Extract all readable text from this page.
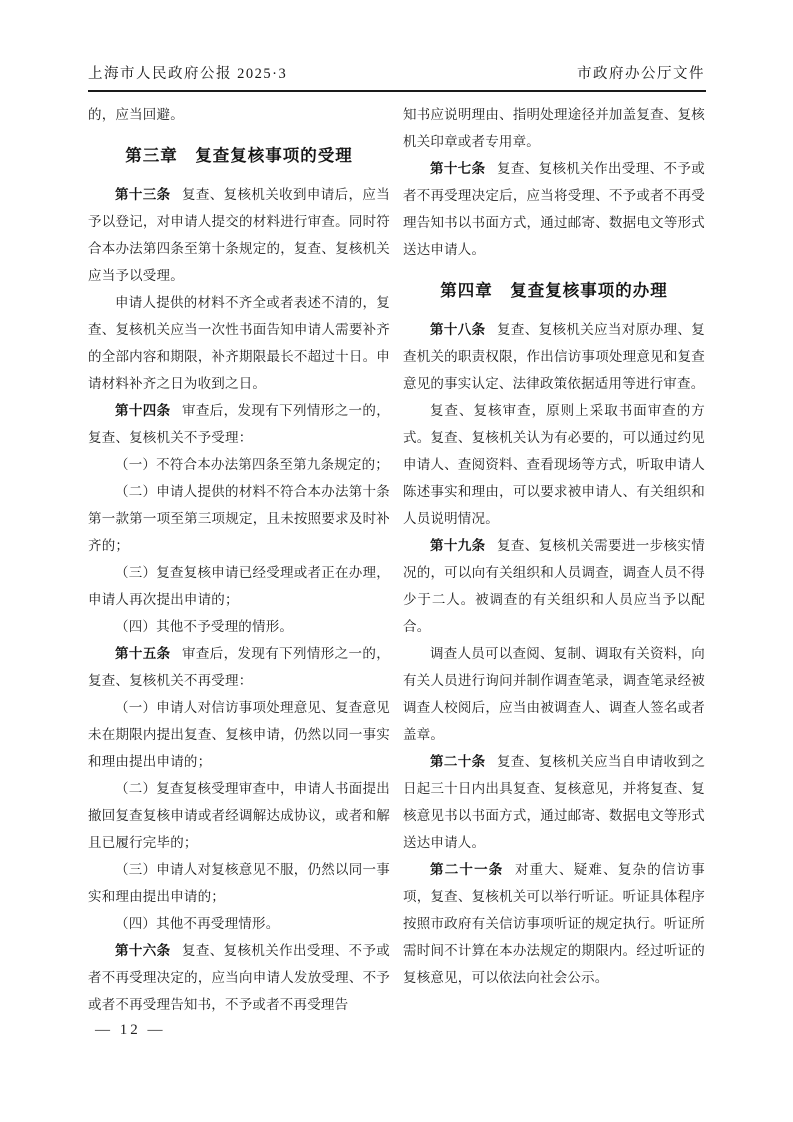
上海市人民政府公报 2025·3	市政府办公厅文件

的，应当回避。

第三章　复查复核事项的受理

第十三条 复查、复核机关收到申请后，应当予以登记，对申请人提交的材料进行审查。同时符合本办法第四条至第十条规定的，复查、复核机关应当予以受理。

申请人提供的材料不齐全或者表述不清的，复查、复核机关应当一次性书面告知申请人需要补齐的全部内容和期限，补齐期限最长不超过十日。申请材料补齐之日为收到之日。

第十四条 审查后，发现有下列情形之一的，复查、复核机关不予受理：

（一）不符合本办法第四条至第九条规定的；

（二）申请人提供的材料不符合本办法第十条第一款第一项至第三项规定，且未按照要求及时补齐的；

（三）复查复核申请已经受理或者正在办理，申请人再次提出申请的；

（四）其他不予受理的情形。

第十五条 审查后，发现有下列情形之一的，复查、复核机关不再受理：

（一）申请人对信访事项处理意见、复查意见未在期限内提出复查、复核申请，仍然以同一事实和理由提出申请的；

（二）复查复核受理审查中，申请人书面提出撤回复查复核申请或者经调解达成协议，或者和解且已履行完毕的；

（三）申请人对复核意见不服，仍然以同一事实和理由提出申请的；

（四）其他不再受理情形。

第十六条 复查、复核机关作出受理、不予或者不再受理决定的，应当向申请人发放受理、不予或者不再受理告知书，不予或者不再受理告

知书应说明理由、指明处理途径并加盖复查、复核机关印章或者专用章。

第十七条 复查、复核机关作出受理、不予或者不再受理决定后，应当将受理、不予或者不再受理告知书以书面方式，通过邮寄、数据电文等形式送达申请人。

第四章　复查复核事项的办理

第十八条 复查、复核机关应当对原办理、复查机关的职责权限，作出信访事项处理意见和复查意见的事实认定、法律政策依据适用等进行审查。

复查、复核审查，原则上采取书面审查的方式。复查、复核机关认为有必要的，可以通过约见申请人、查阅资料、查看现场等方式，听取申请人陈述事实和理由，可以要求被申请人、有关组织和人员说明情况。

第十九条 复查、复核机关需要进一步核实情况的，可以向有关组织和人员调查，调查人员不得少于二人。被调查的有关组织和人员应当予以配合。

调查人员可以查阅、复制、调取有关资料，向有关人员进行询问并制作调查笔录，调查笔录经被调查人校阅后，应当由被调查人、调查人签名或者盖章。

第二十条 复查、复核机关应当自申请收到之日起三十日内出具复查、复核意见，并将复查、复核意见书以书面方式，通过邮寄、数据电文等形式送达申请人。

第二十一条 对重大、疑难、复杂的信访事项，复查、复核机关可以举行听证。听证具体程序按照市政府有关信访事项听证的规定执行。听证所需时间不计算在本办法规定的期限内。经过听证的复核意见，可以依法向社会公示。

— 12 —
